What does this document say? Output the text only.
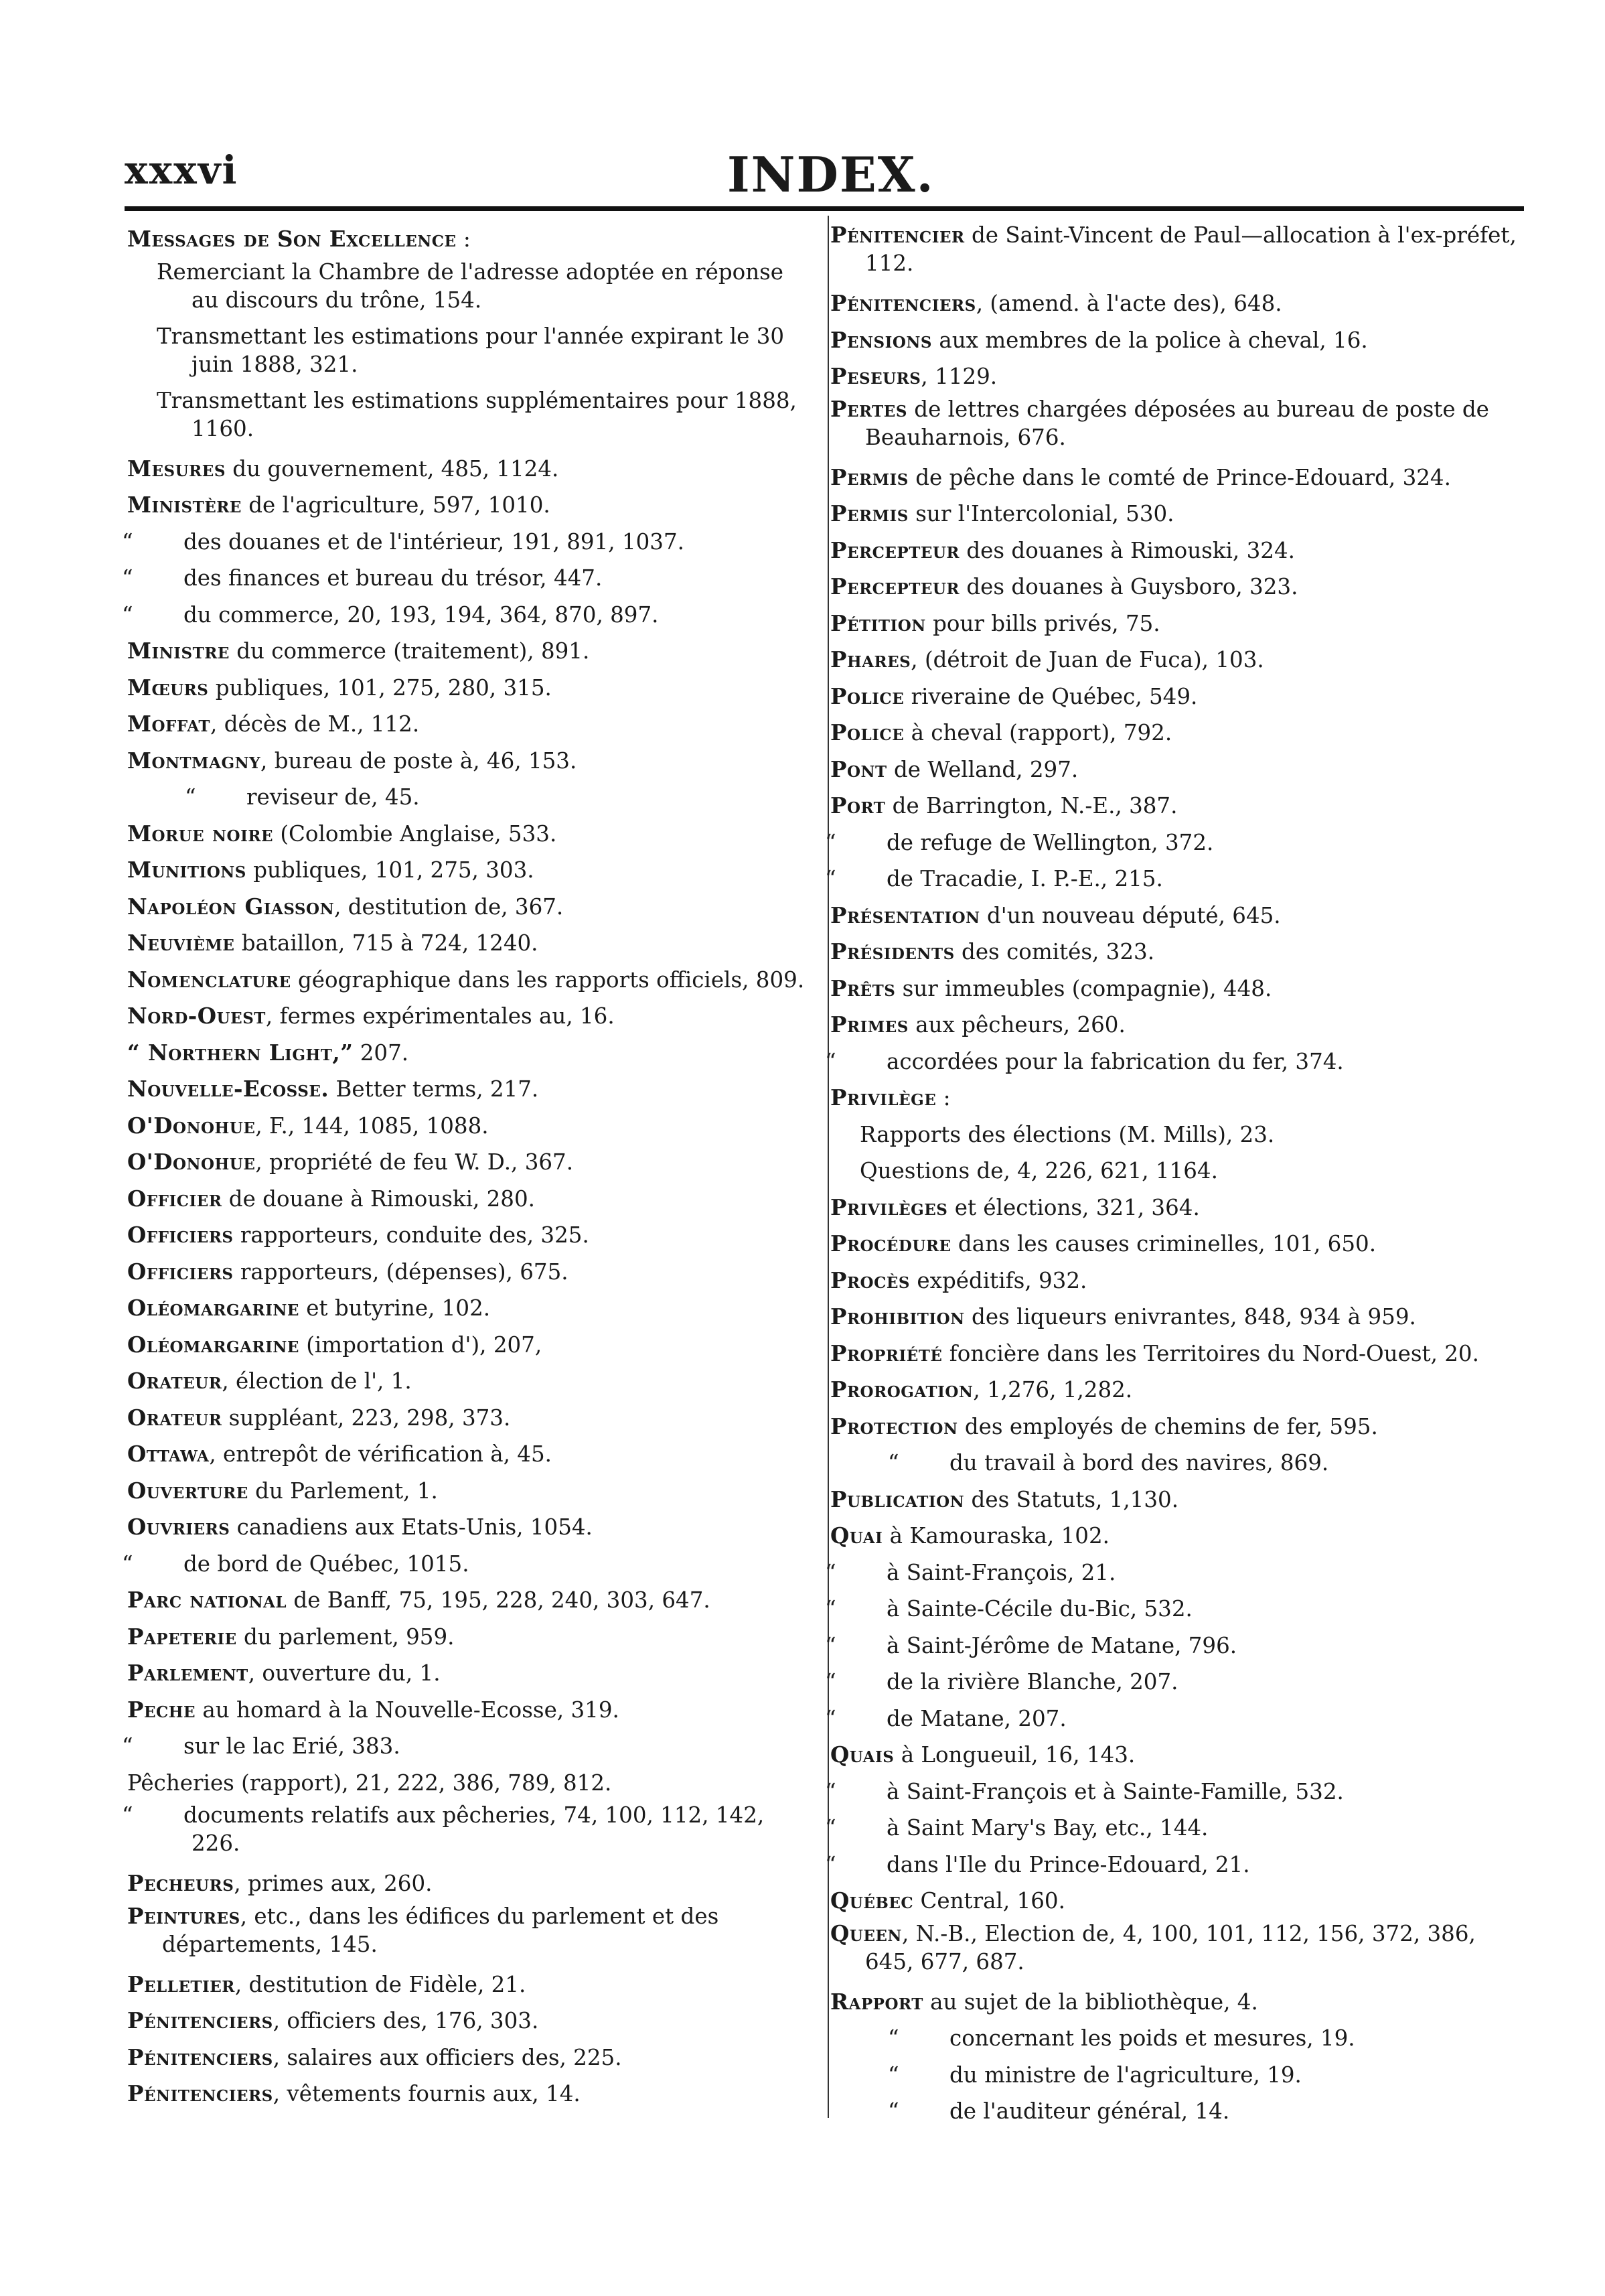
xxxvi	INDEX.
Messages de Son Excellence :
Remerciant la Chambre de l'adresse adoptée en réponse au discours du trône, 154.
Transmettant les estimations pour l'année expirant le 30 juin 1888, 321.
Transmettant les estimations supplémentaires pour 1888, 1160.
Mesures du gouvernement, 485, 1124.
Ministère de l'agriculture, 597, 1010.
“ des douanes et de l'intérieur, 191, 891, 1037.
“ des finances et bureau du trésor, 447.
“ du commerce, 20, 193, 194, 364, 870, 897.
Ministre du commerce (traitement), 891.
Mœurs publiques, 101, 275, 280, 315.
Moffat, décès de M., 112.
Montmagny, bureau de poste à, 46, 153.
“ reviseur de, 45.
Morue noire (Colombie Anglaise, 533.
Munitions publiques, 101, 275, 303.
Napoléon Giasson, destitution de, 367.
Neuvième bataillon, 715 à 724, 1240.
Nomenclature géographique dans les rapports officiels, 809.
Nord-Ouest, fermes expérimentales au, 16.
“ Northern Light,” 207.
Nouvelle-Ecosse. Better terms, 217.
O'Donohue, F., 144, 1085, 1088.
O'Donohue, propriété de feu W. D., 367.
Officier de douane à Rimouski, 280.
Officiers rapporteurs, conduite des, 325.
Officiers rapporteurs, (dépenses), 675.
Oléomargarine et butyrine, 102.
Oléomargarine (importation d'), 207,
Orateur, élection de l', 1.
Orateur suppléant, 223, 298, 373.
Ottawa, entrepôt de vérification à, 45.
Ouverture du Parlement, 1.
Ouvriers canadiens aux Etats-Unis, 1054.
“ de bord de Québec, 1015.
Parc national de Banff, 75, 195, 228, 240, 303, 647.
Papeterie du parlement, 959.
Parlement, ouverture du, 1.
Peche au homard à la Nouvelle-Ecosse, 319.
“ sur le lac Erié, 383.
Pêcheries (rapport), 21, 222, 386, 789, 812.
“ documents relatifs aux pêcheries, 74, 100, 112, 142, 226.
Pecheurs, primes aux, 260.
Peintures, etc., dans les édifices du parlement et des départements, 145.
Pelletier, destitution de Fidèle, 21.
Pénitenciers, officiers des, 176, 303.
Pénitenciers, salaires aux officiers des, 225.
Pénitenciers, vêtements fournis aux, 14.
Pénitencier de Saint-Vincent de Paul—allocation à l'ex-préfet, 112.
Pénitenciers, (amend. à l'acte des), 648.
Pensions aux membres de la police à cheval, 16.
Peseurs, 1129.
Pertes de lettres chargées déposées au bureau de poste de Beauharnois, 676.
Permis de pêche dans le comté de Prince-Edouard, 324.
Permis sur l'Intercolonial, 530.
Percepteur des douanes à Rimouski, 324.
Percepteur des douanes à Guysboro, 323.
Pétition pour bills privés, 75.
Phares, (détroit de Juan de Fuca), 103.
Police riveraine de Québec, 549.
Police à cheval (rapport), 792.
Pont de Welland, 297.
Port de Barrington, N.-E., 387.
“ de refuge de Wellington, 372.
“ de Tracadie, I. P.-E., 215.
Présentation d'un nouveau député, 645.
Présidents des comités, 323.
Prêts sur immeubles (compagnie), 448.
Primes aux pêcheurs, 260.
“ accordées pour la fabrication du fer, 374.
Privilège :
Rapports des élections (M. Mills), 23.
Questions de, 4, 226, 621, 1164.
Privilèges et élections, 321, 364.
Procédure dans les causes criminelles, 101, 650.
Procès expéditifs, 932.
Prohibition des liqueurs enivrantes, 848, 934 à 959.
Propriété foncière dans les Territoires du Nord-Ouest, 20.
Prorogation, 1,276, 1,282.
Protection des employés de chemins de fer, 595.
“ du travail à bord des navires, 869.
Publication des Statuts, 1,130.
Quai à Kamouraska, 102.
“ à Saint-François, 21.
“ à Sainte-Cécile du-Bic, 532.
“ à Saint-Jérôme de Matane, 796.
“ de la rivière Blanche, 207.
“ de Matane, 207.
Quais à Longueuil, 16, 143.
“ à Saint-François et à Sainte-Famille, 532.
“ à Saint Mary's Bay, etc., 144.
“ dans l'Ile du Prince-Edouard, 21.
Québec Central, 160.
Queen, N.-B., Election de, 4, 100, 101, 112, 156, 372, 386, 645, 677, 687.
Rapport au sujet de la bibliothèque, 4.
“ concernant les poids et mesures, 19.
“ du ministre de l'agriculture, 19.
“ de l'auditeur général, 14.
